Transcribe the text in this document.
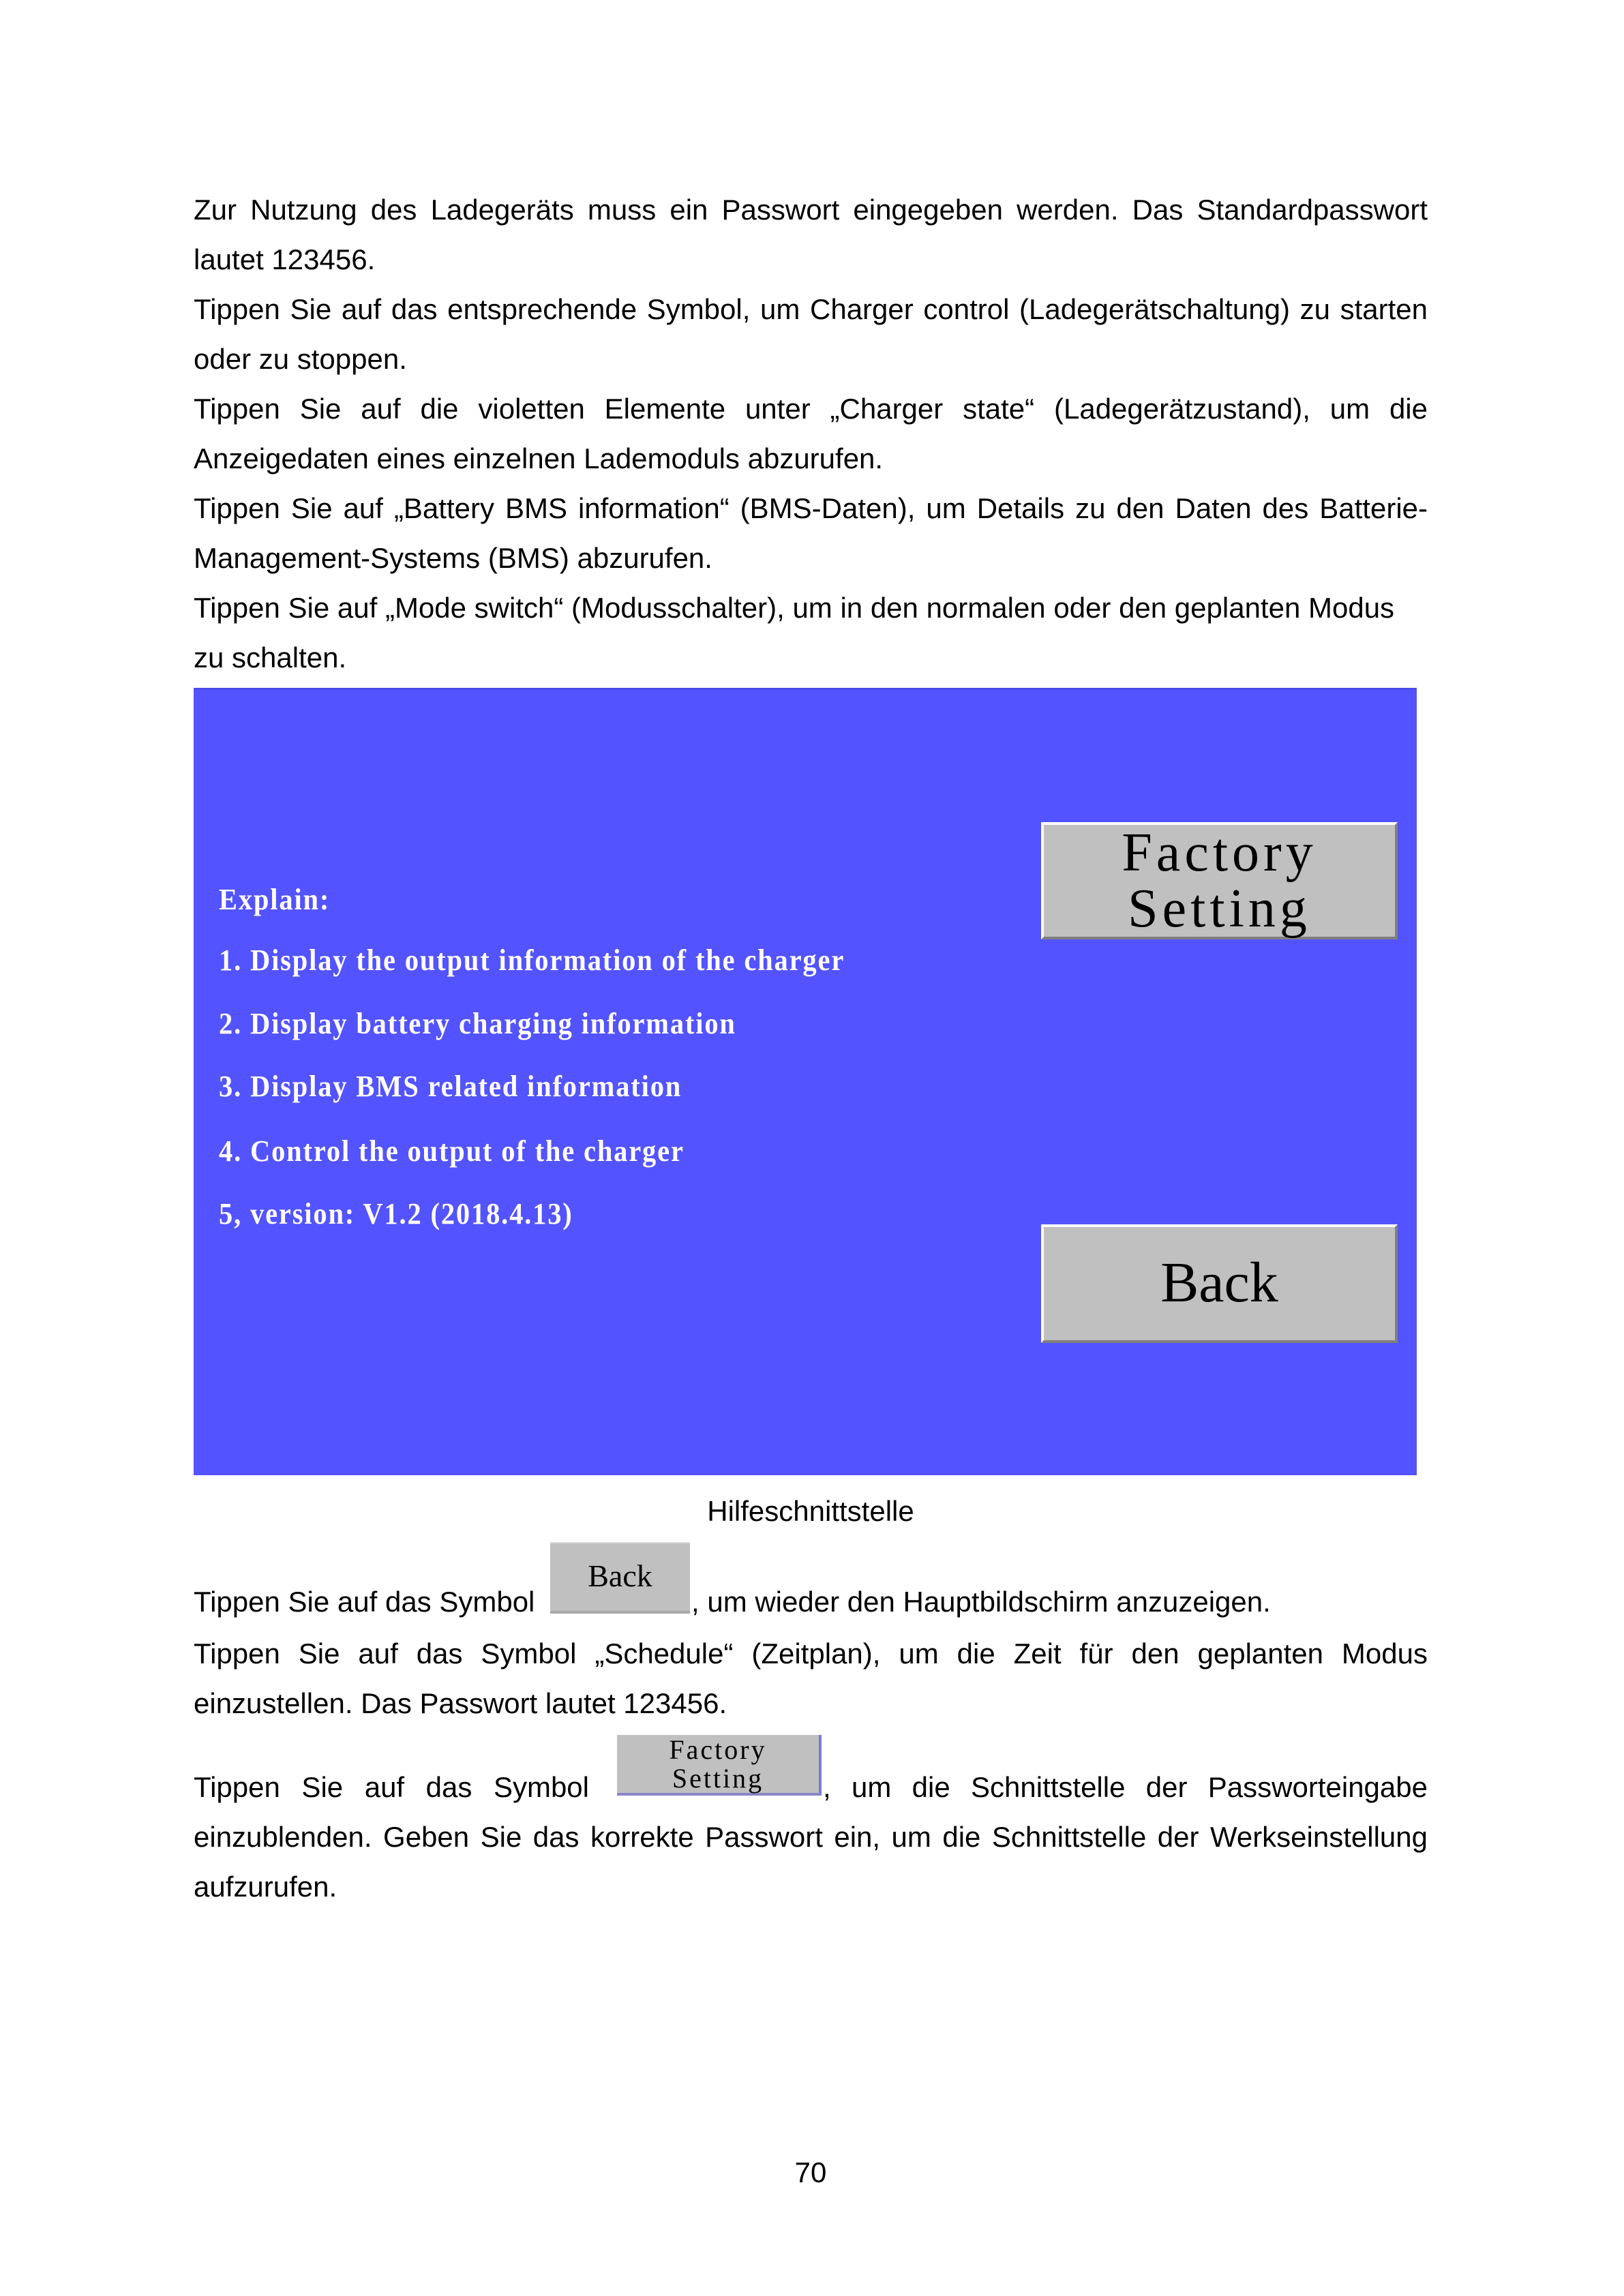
Zur Nutzung des Ladegeräts muss ein Passwort eingegeben werden. Das Standardpasswort
lautet 123456.
Tippen Sie auf das entsprechende Symbol, um Charger control (Ladegerätschaltung) zu starten
oder zu stoppen.
Tippen Sie auf die violetten Elemente unter „Charger state“ (Ladegerätzustand), um die
Anzeigedaten eines einzelnen Lademoduls abzurufen.
Tippen Sie auf „Battery BMS information“ (BMS-Daten), um Details zu den Daten des Batterie-
Management-Systems (BMS) abzurufen.
Tippen Sie auf „Mode switch“ (Modusschalter), um in den normalen oder den geplanten Modus
zu schalten.
Explain:
1. Display the output information of the charger
2. Display battery charging information
3. Display BMS related information
4. Control the output of the charger
5, version: V1.2 (2018.4.13)
Factory
Setting
Back
Hilfeschnittstelle
Tippen Sie auf das Symbol
Back
, um wieder den Hauptbildschirm anzuzeigen.
Tippen Sie auf das Symbol „Schedule“ (Zeitplan), um die Zeit für den geplanten Modus
einzustellen. Das Passwort lautet 123456.
Tippen Sie auf das Symbol
Factory
Setting	, um die Schnittstelle der Passworteingabe
einzublenden. Geben Sie das korrekte Passwort ein, um die Schnittstelle der Werkseinstellung
aufzurufen.
70
